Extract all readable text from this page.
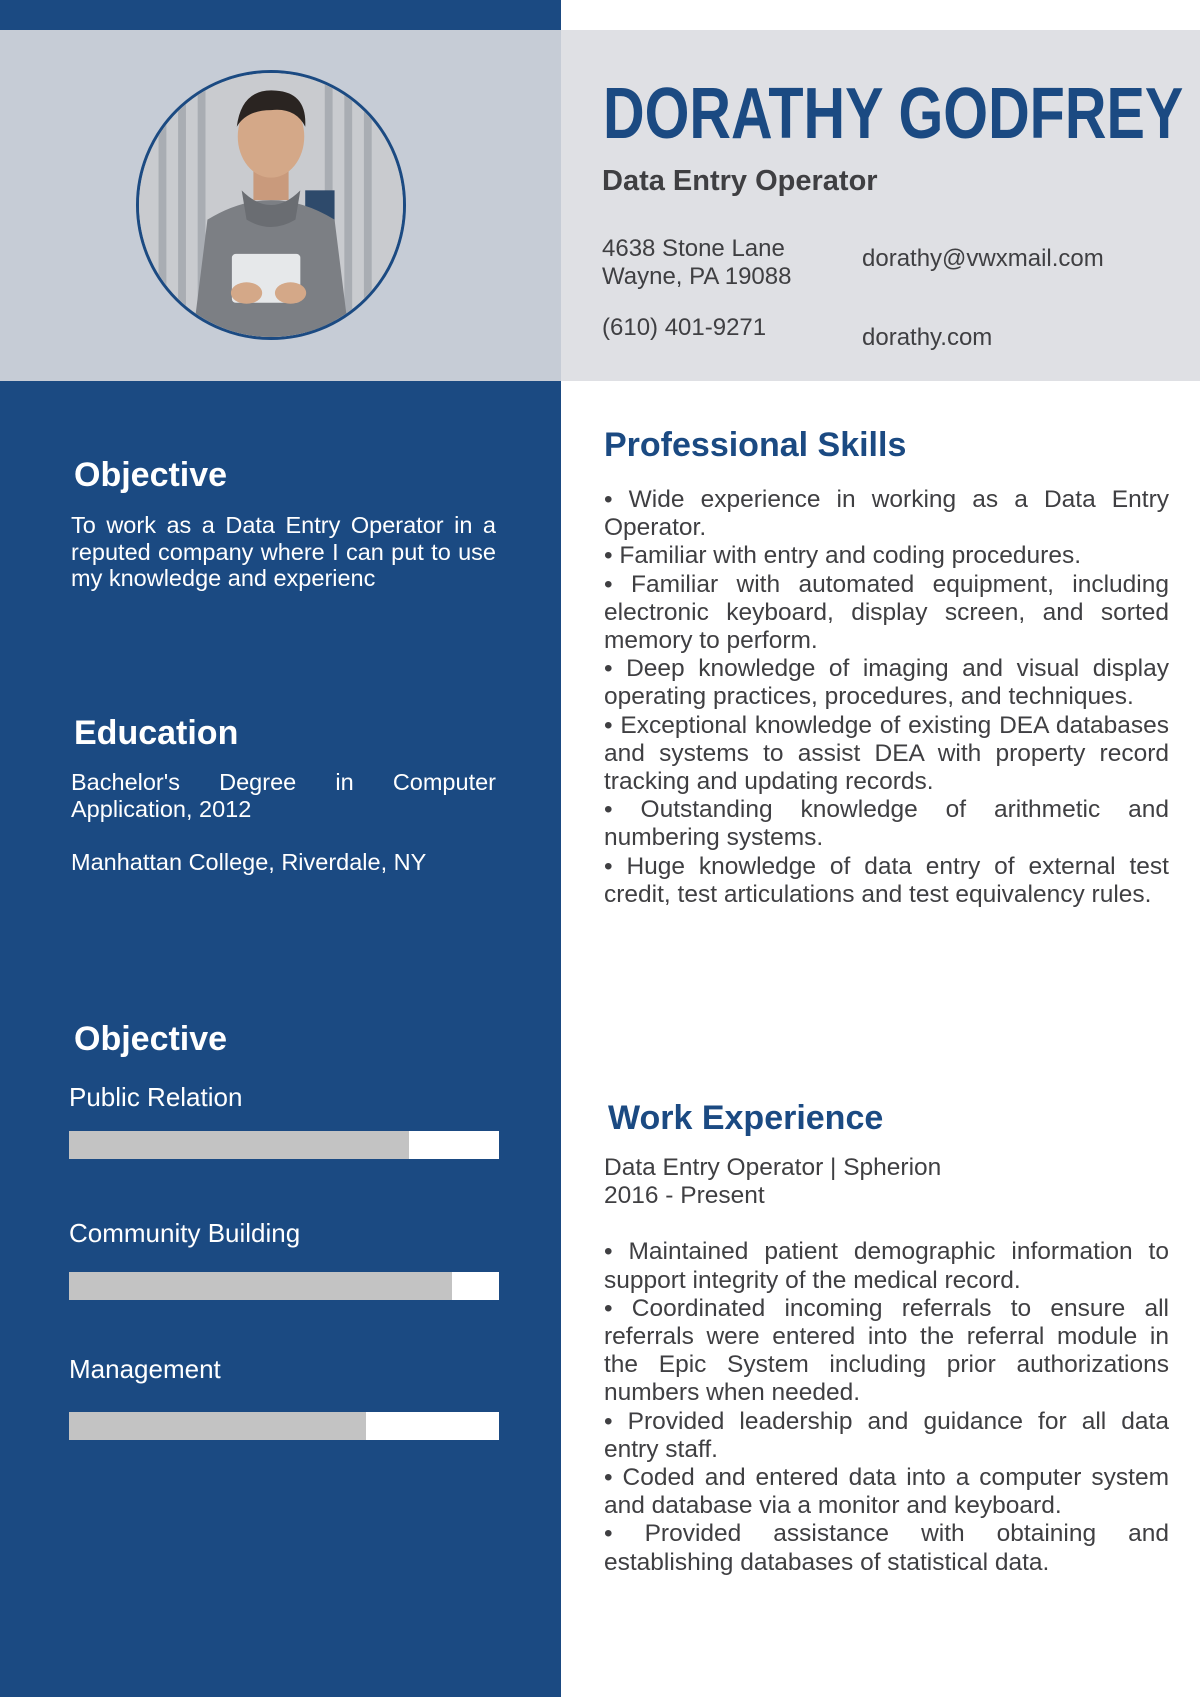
DORATHY GODFREY
Data Entry Operator
4638 Stone Lane
Wayne, PA 19088
(610) 401-9271
dorathy@vwxmail.com
dorathy.com
Objective
To work as a Data Entry Operator in a reputed company where I can put to use my knowledge and experienc
Education
Bachelor's Degree in Computer Application, 2012
Manhattan College, Riverdale, NY
Objective
Public Relation
Community Building
Management
Professional Skills

• Wide experience in working as a Data Entry Operator.

• Familiar with entry and coding procedures.

• Familiar with automated equipment, including electronic keyboard, display screen, and sorted memory to perform.

• Deep knowledge of imaging and visual display operating practices, procedures, and techniques.

• Exceptional knowledge of existing DEA databases and systems to assist DEA with property record tracking and updating records.

• Outstanding knowledge of arithmetic and numbering systems.

• Huge knowledge of data entry of external test credit, test articulations and test equivalency rules.

Work Experience

Data Entry Operator | Spherion

2016 - Present

• Maintained patient demographic information to support integrity of the medical record.

• Coordinated incoming referrals to ensure all referrals were entered into the referral module in the Epic System including prior authorizations numbers when needed.

• Provided leadership and guidance for all data entry staff.

• Coded and entered data into a computer system and database via a monitor and keyboard.

• Provided assistance with obtaining and establishing databases of statistical data.
